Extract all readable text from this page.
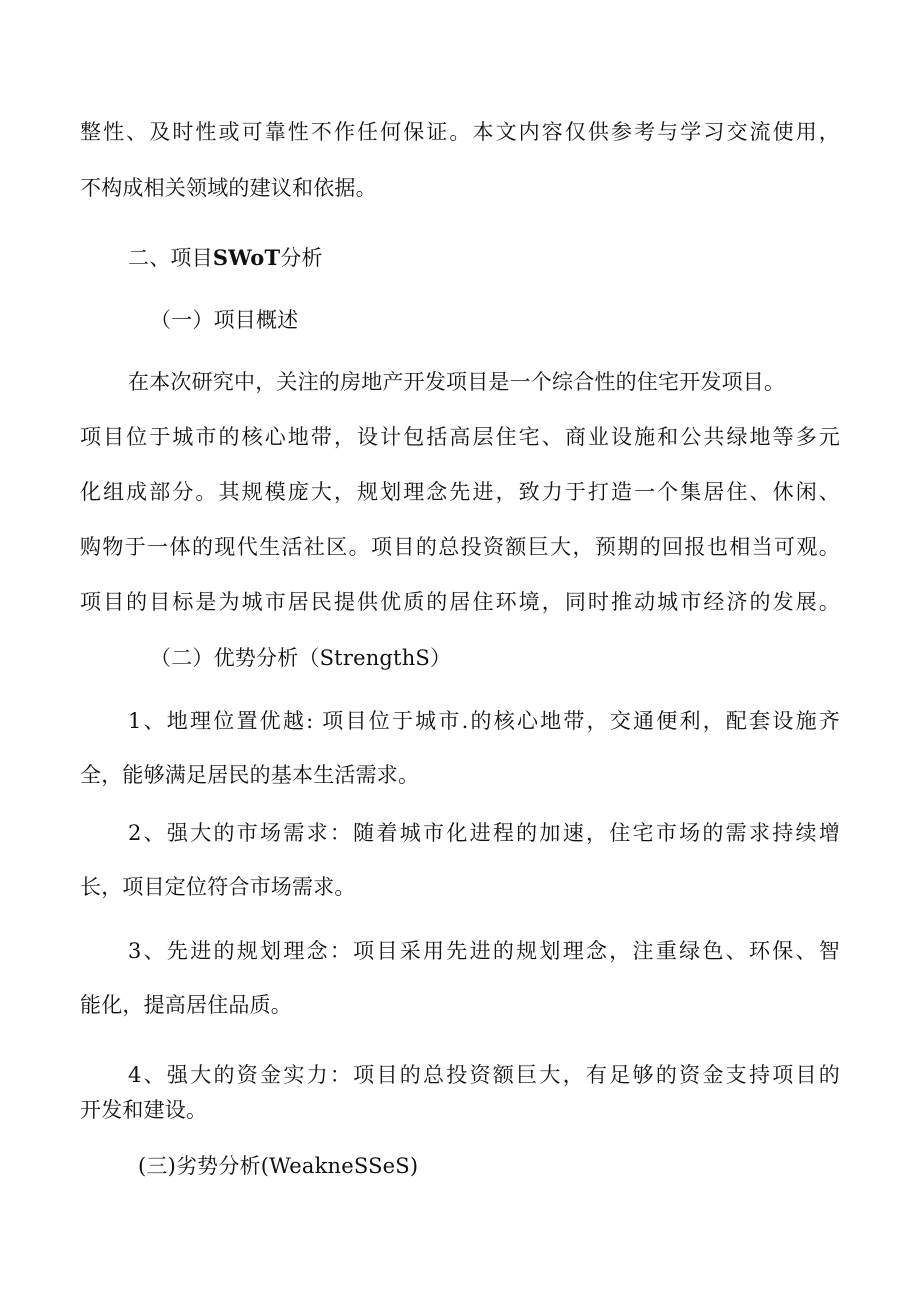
整性、及时性或可靠性不作任何保证。本文内容仅供参考与学习交流使用，
不构成相关领域的建议和依据。
二、项目SWoT分析
（一）项目概述
在本次研究中，关注的房地产开发项目是一个综合性的住宅开发项目。
项目位于城市的核心地带，设计包括高层住宅、商业设施和公共绿地等多元
化组成部分。其规模庞大，规划理念先进，致力于打造一个集居住、休闲、
购物于一体的现代生活社区。项目的总投资额巨大，预期的回报也相当可观。
项目的目标是为城市居民提供优质的居住环境，同时推动城市经济的发展。
（二）优势分析（StrengthS）
1、地理位置优越: 项目位于城市.的核心地带，交通便利，配套设施齐
全，能够满足居民的基本生活需求。
2、强大的市场需求：随着城市化进程的加速，住宅市场的需求持续增
长，项目定位符合市场需求。
3、先进的规划理念：项目采用先进的规划理念，注重绿色、环保、智
能化，提高居住品质。
4、强大的资金实力：项目的总投资额巨大，有足够的资金支持项目的
开发和建设。
(三)劣势分析(WeakneSSeS)
